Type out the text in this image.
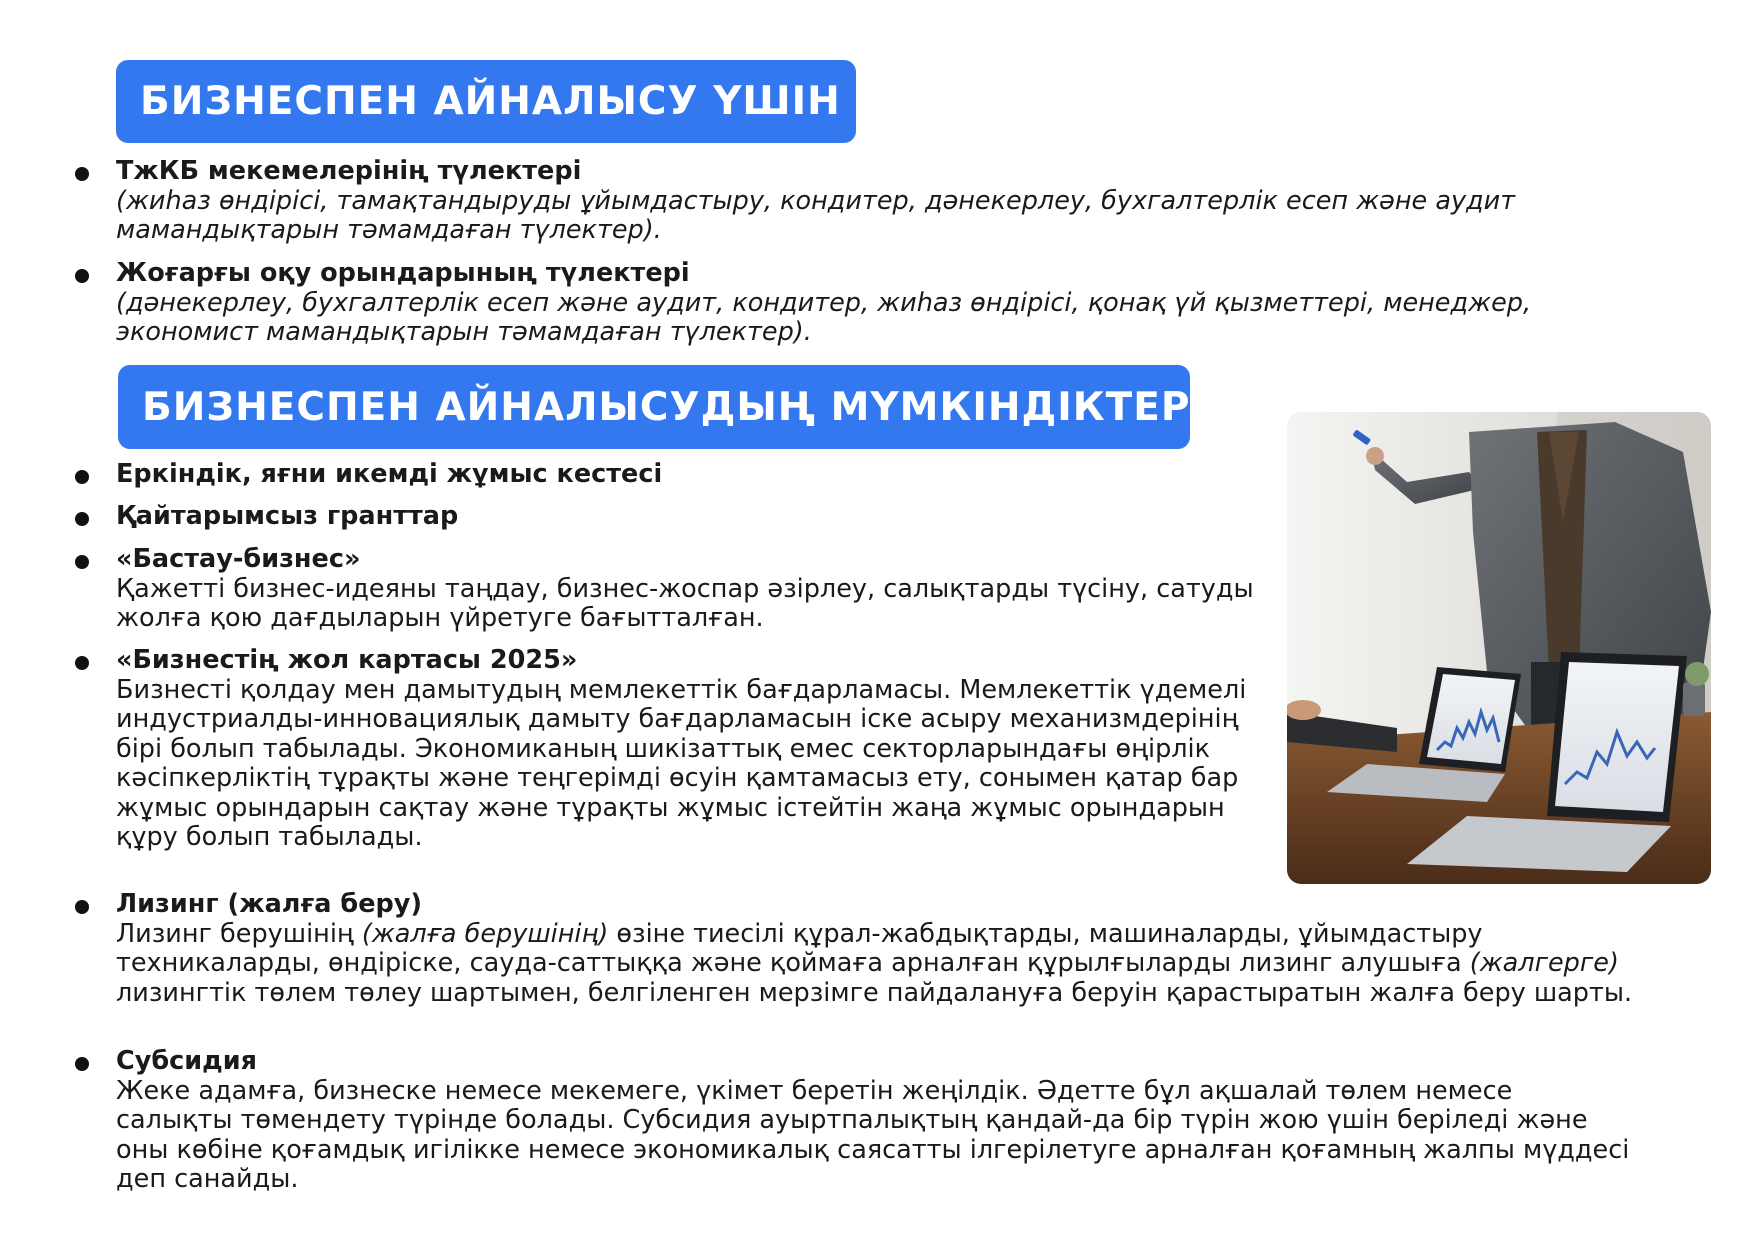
БИЗНЕСПЕН АЙНАЛЫСУ ҮШІН
ТжКБ мекемелерінің түлектері
(жиһаз өндірісі, тамақтандыруды ұйымдастыру, кондитер, дәнекерлеу, бухгалтерлік есеп және аудит мамандықтарын тәмамдаған түлектер).
Жоғарғы оқу орындарының түлектері
(дәнекерлеу, бухгалтерлік есеп және аудит, кондитер, жиһаз өндірісі, қонақ үй қызметтері, менеджер, экономист мамандықтарын тәмамдаған түлектер).
БИЗНЕСПЕН АЙНАЛЫСУДЫҢ МҮМКІНДІКТЕРІ
Еркіндік, яғни икемді жұмыс кестесі
Қайтарымсыз гранттар
«Бастау-бизнес»
Қажетті бизнес-идеяны таңдау, бизнес-жоспар әзірлеу, салықтарды түсіну, сатуды жолға қою дағдыларын үйретуге бағытталған.
«Бизнестің жол картасы 2025»
Бизнесті қолдау мен дамытудың мемлекеттік бағдарламасы. Мемлекеттік үдемелі индустриалды-инновациялық дамыту бағдарламасын іске асыру механизмдерінің бірі болып табылады. Экономиканың шикізаттық емес секторларындағы өңірлік кәсіпкерліктің тұрақты және теңгерімді өсуін қамтамасыз ету, сонымен қатар бар жұмыс орындарын сақтау және тұрақты жұмыс істейтін жаңа жұмыс орындарын құру болып табылады.
Лизинг (жалға беру)
Лизинг берушінің (жалға берушінің) өзіне тиесілі құрал-жабдықтарды, машиналарды, ұйымдастыру техникаларды, өндіріске, сауда-саттыққа және қоймаға арналған құрылғыларды лизинг алушыға (жалгерге) лизингтік төлем төлеу шартымен, белгіленген мерзімге пайдалануға беруін қарастыратын жалға беру шарты.
Субсидия
Жеке адамға, бизнеске немесе мекемеге, үкімет беретін жеңілдік. Әдетте бұл ақшалай төлем немесе салықты төмендету түрінде болады. Субсидия ауыртпалықтың қандай-да бір түрін жою үшін беріледі және оны көбіне қоғамдық игілікке немесе экономикалық саясатты ілгерілетуге арналған қоғамның жалпы мүддесі деп санайды.
